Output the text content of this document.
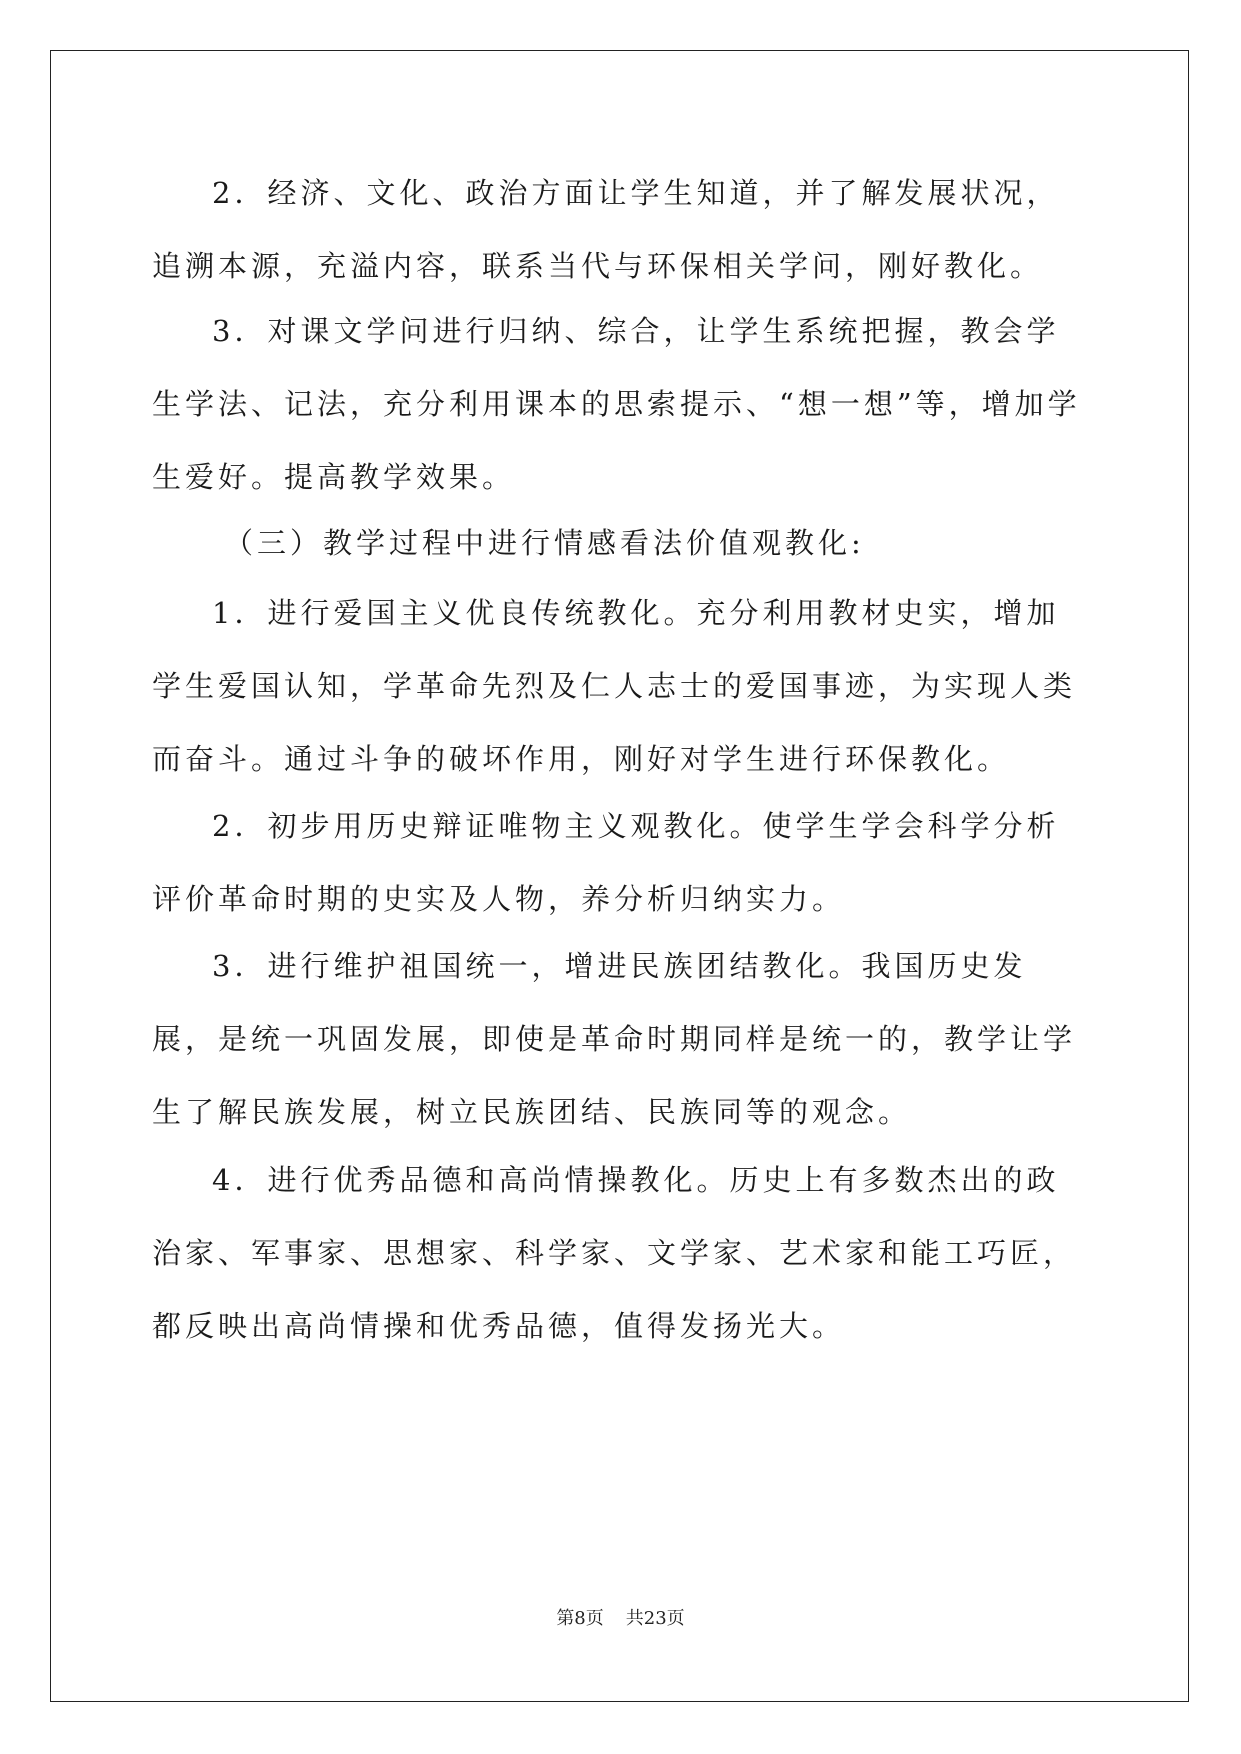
2．经济、文化、政治方面让学生知道，并了解发展状况，追溯本源，充溢内容，联系当代与环保相关学问，刚好教化。

3．对课文学问进行归纳、综合，让学生系统把握，教会学生学法、记法，充分利用课本的思索提示、“想一想”等，增加学生爱好。提高教学效果。

（三）教学过程中进行情感看法价值观教化:

1．进行爱国主义优良传统教化。充分利用教材史实，增加学生爱国认知，学革命先烈及仁人志士的爱国事迹，为实现人类而奋斗。通过斗争的破坏作用，刚好对学生进行环保教化。

2．初步用历史辩证唯物主义观教化。使学生学会科学分析评价革命时期的史实及人物，养分析归纳实力。

3．进行维护祖国统一，增进民族团结教化。我国历史发展，是统一巩固发展，即使是革命时期同样是统一的，教学让学生了解民族发展，树立民族团结、民族同等的观念。

4．进行优秀品德和高尚情操教化。历史上有多数杰出的政治家、军事家、思想家、科学家、文学家、艺术家和能工巧匠，都反映出高尚情操和优秀品德，值得发扬光大。

第8页 共23页
